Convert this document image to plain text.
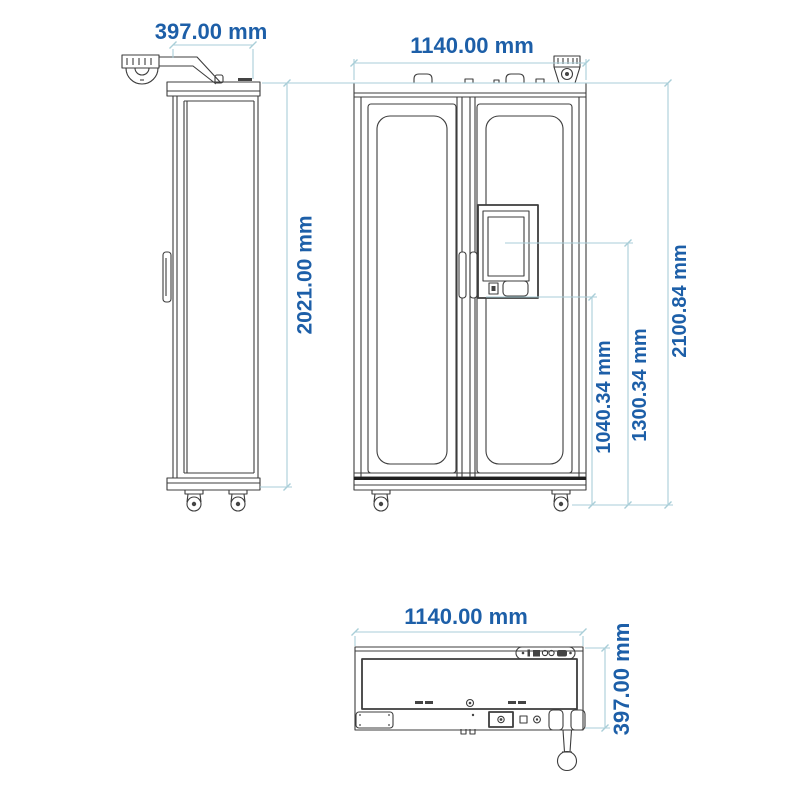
397.00 mm
1140.00 mm
2021.00 mm
1040.34 mm 1300.34 mm
2100.84 mm
1140.00 mm
397.00 mm
